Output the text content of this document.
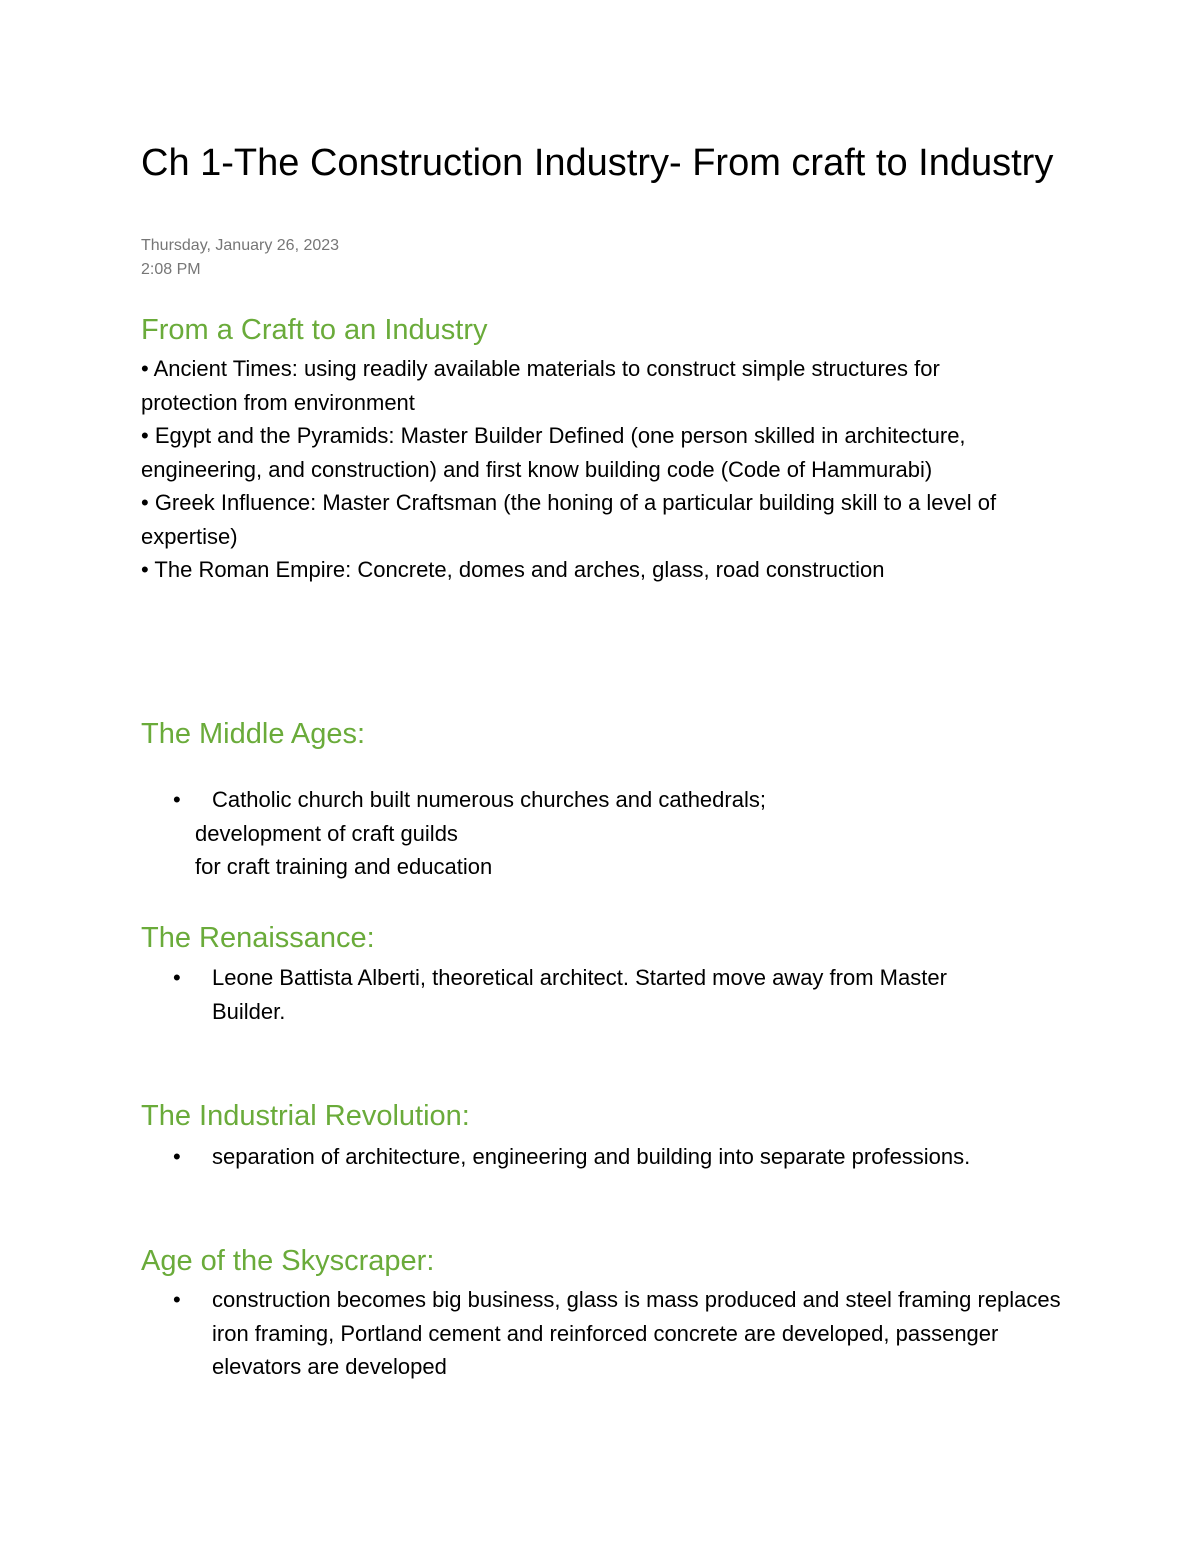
Ch 1-The Construction Industry- From craft to Industry
Thursday, January 26, 2023
2:08 PM
From a Craft to an Industry

• Ancient Times: using readily available materials to construct simple structures for

protection from environment

• Egypt and the Pyramids: Master Builder Defined (one person skilled in architecture, engineering, and construction) and first know building code (Code of Hammurabi)

• Greek Influence: Master Craftsman (the honing of a particular building skill to a level of expertise)

• The Roman Empire: Concrete, domes and arches, glass, road construction

The Middle Ages:
• Catholic church built numerous churches and cathedrals;
development of craft guilds
for craft training and education
The Renaissance:
• Leone Battista Alberti, theoretical architect. Started move away from Master Builder.
The Industrial Revolution:
• separation of architecture, engineering and building into separate professions.
Age of the Skyscraper:
• construction becomes big business, glass is mass produced and steel framing replaces iron framing, Portland cement and reinforced concrete are developed, passenger elevators are developed
